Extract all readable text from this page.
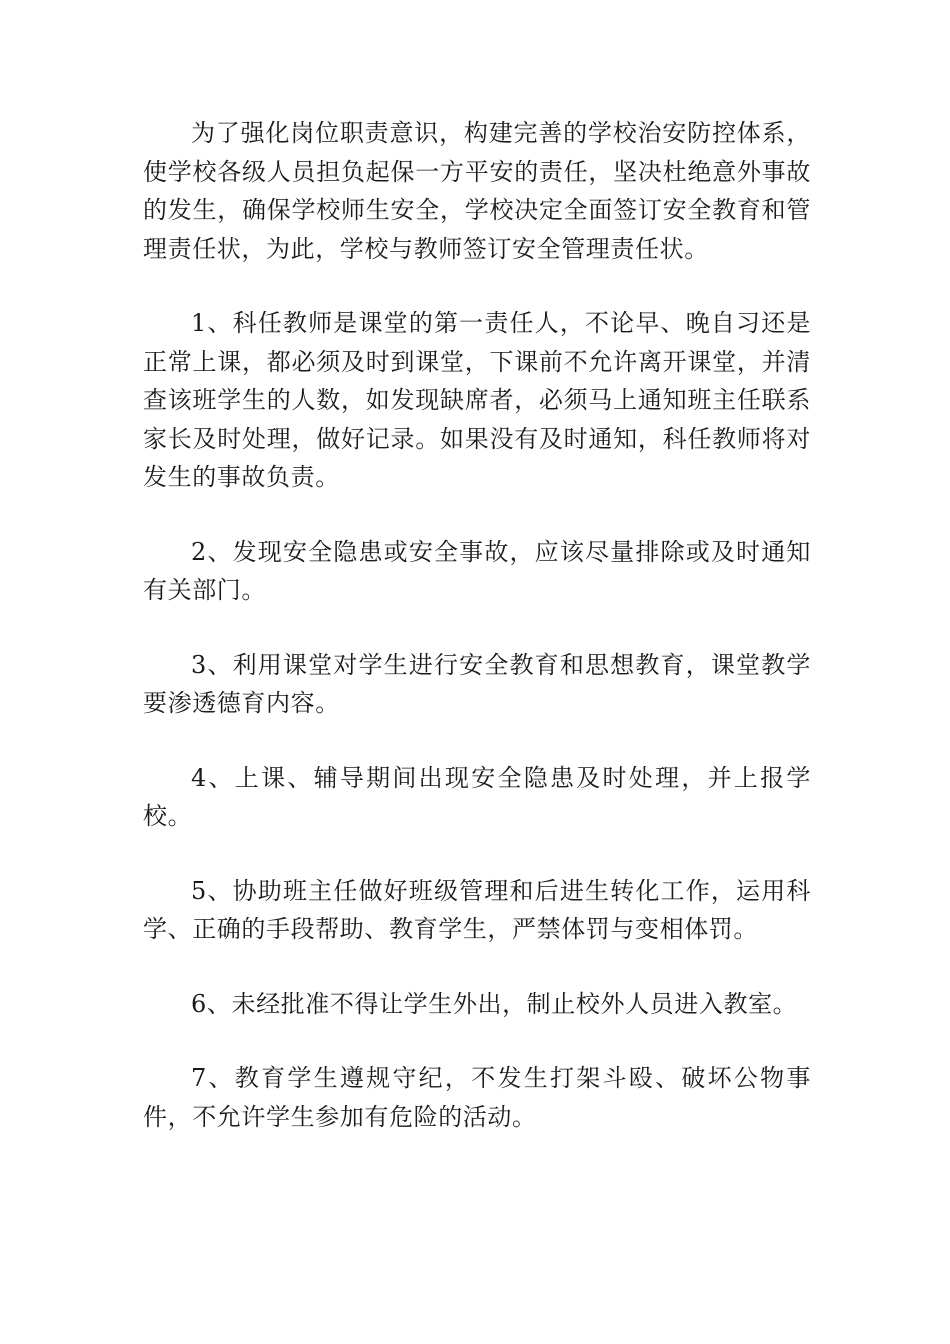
为了强化岗位职责意识，构建完善的学校治安防控体系，使学校各级人员担负起保一方平安的责任，坚决杜绝意外事故的发生，确保学校师生安全，学校决定全面签订安全教育和管理责任状，为此，学校与教师签订安全管理责任状。

1、科任教师是课堂的第一责任人，不论早、晚自习还是正常上课，都必须及时到课堂，下课前不允许离开课堂，并清查该班学生的人数，如发现缺席者，必须马上通知班主任联系家长及时处理，做好记录。如果没有及时通知，科任教师将对发生的事故负责。

2、发现安全隐患或安全事故，应该尽量排除或及时通知有关部门。

3、利用课堂对学生进行安全教育和思想教育，课堂教学要渗透德育内容。

4、上课、辅导期间出现安全隐患及时处理，并上报学校。

5、协助班主任做好班级管理和后进生转化工作，运用科学、正确的手段帮助、教育学生，严禁体罚与变相体罚。

6、未经批准不得让学生外出，制止校外人员进入教室。

7、教育学生遵规守纪，不发生打架斗殴、破坏公物事件，不允许学生参加有危险的活动。
